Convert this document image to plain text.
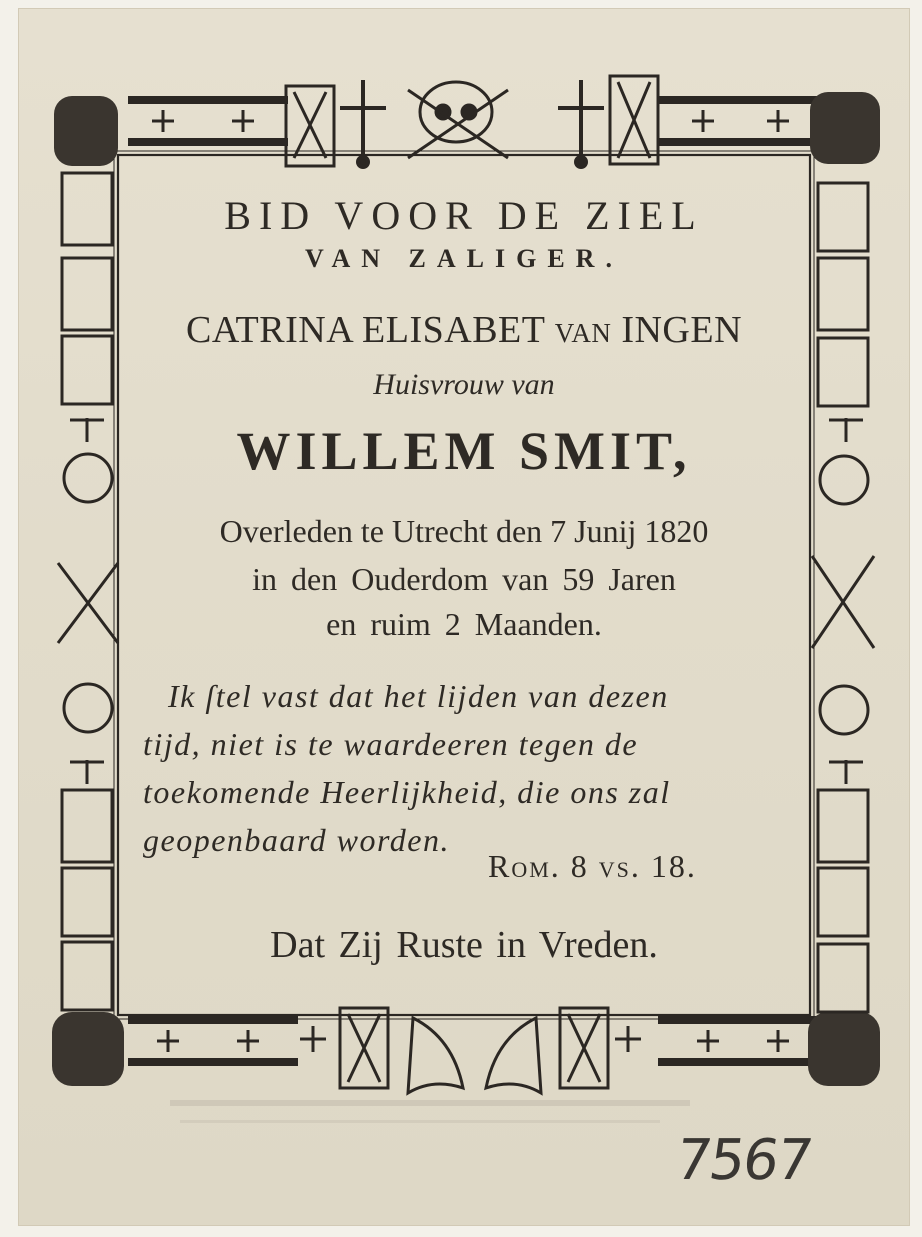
BID VOOR DE ZIEL
VAN ZALIGER.
CATRINA ELISABET van INGEN
Huisvrouw van
WILLEM SMIT,
Overleden te Utrecht den 7 Junij 1820
in den Ouderdom van 59 Jaren
en ruim 2 Maanden.
Ik ſtel vast dat het lijden van dezen
tijd, niet is te waardeeren tegen de
toekomende Heerlijkheid, die ons zal
geopenbaard worden.
Rom. 8 vs. 18.
Dat Zij Ruste in Vreden.
7567
